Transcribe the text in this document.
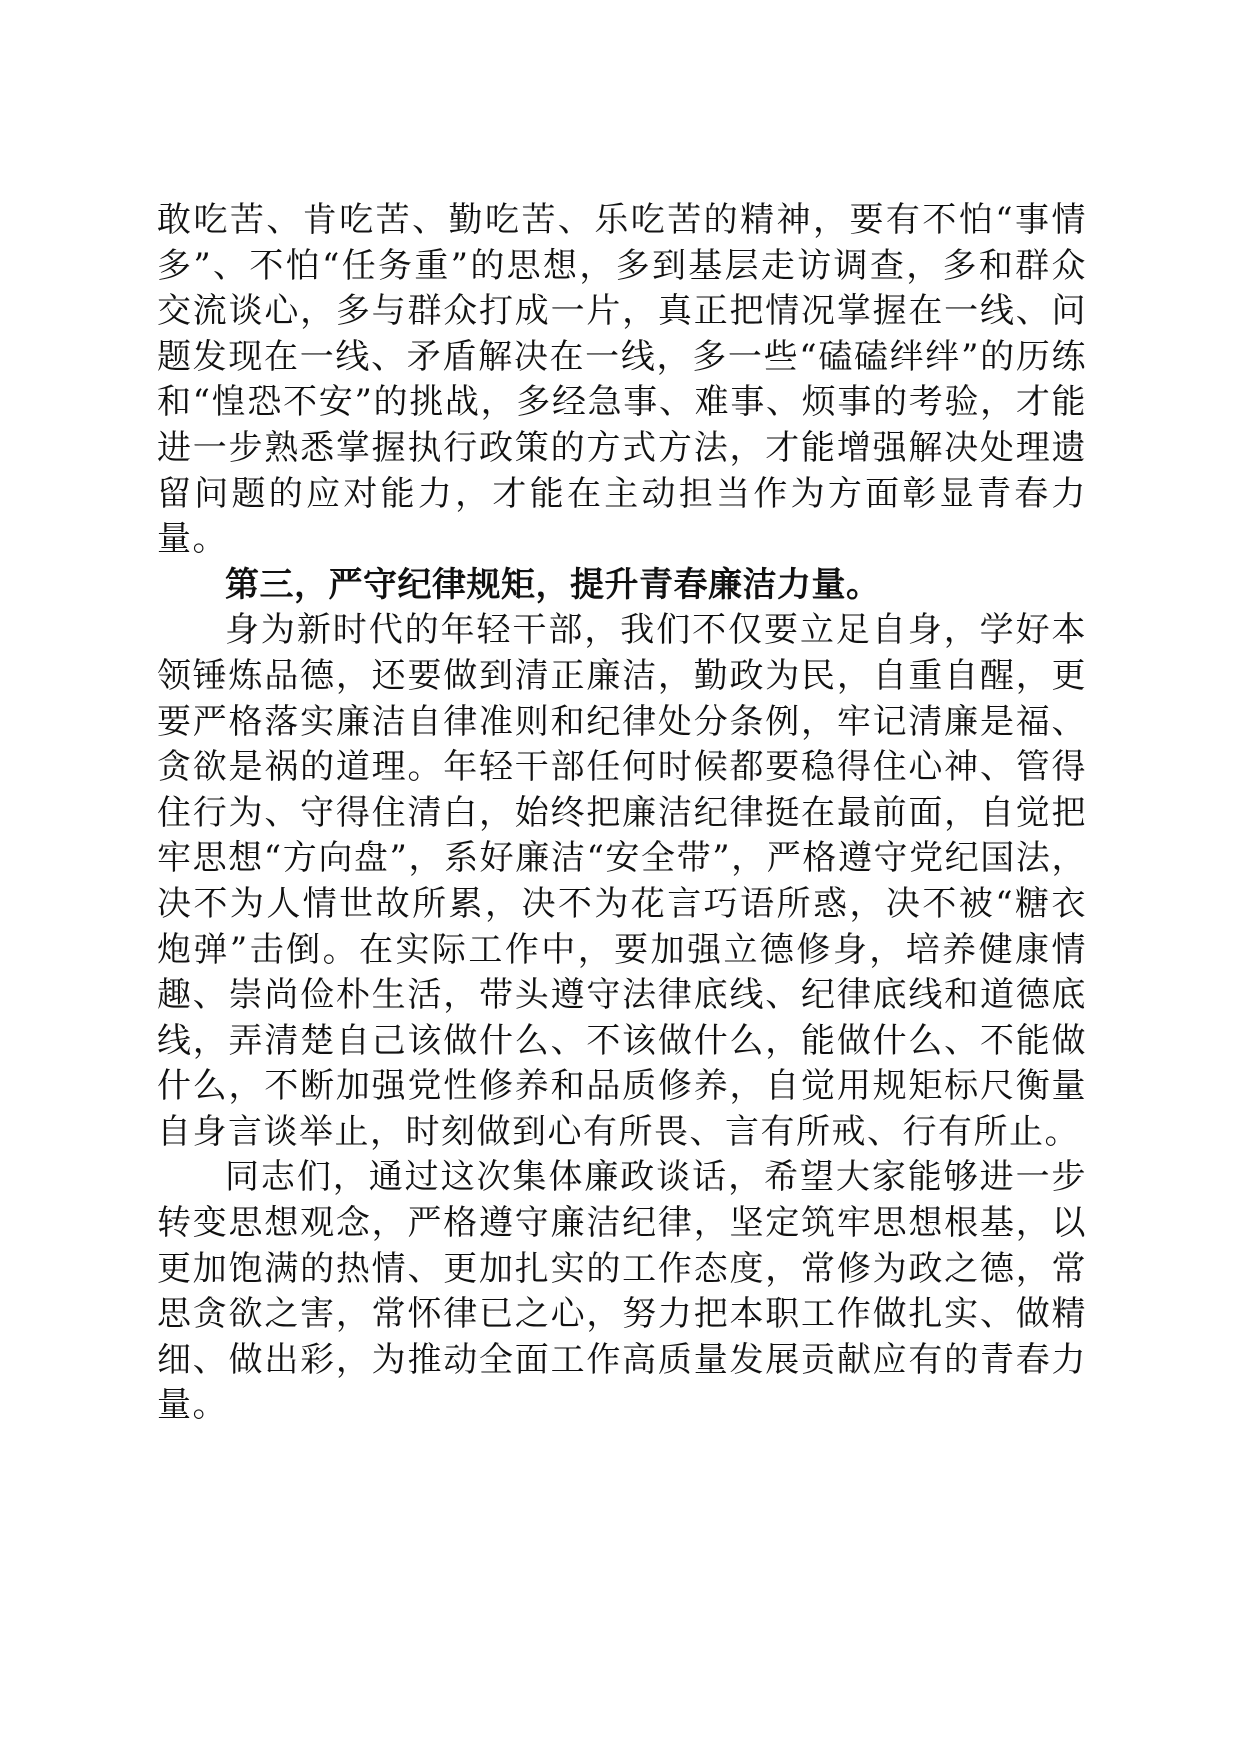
敢吃苦、肯吃苦、勤吃苦、乐吃苦的精神，要有不怕“事情多”、不怕“任务重”的思想，多到基层走访调查，多和群众交流谈心，多与群众打成一片，真正把情况掌握在一线、问题发现在一线、矛盾解决在一线，多一些“磕磕绊绊”的历练和“惶恐不安”的挑战，多经急事、难事、烦事的考验，才能进一步熟悉掌握执行政策的方式方法，才能增强解决处理遗留问题的应对能力，才能在主动担当作为方面彰显青春力量。

第三，严守纪律规矩，提升青春廉洁力量。

身为新时代的年轻干部，我们不仅要立足自身，学好本领锤炼品德，还要做到清正廉洁，勤政为民，自重自醒，更要严格落实廉洁自律准则和纪律处分条例，牢记清廉是福、贪欲是祸的道理。年轻干部任何时候都要稳得住心神、管得住行为、守得住清白，始终把廉洁纪律挺在最前面，自觉把牢思想“方向盘”，系好廉洁“安全带”，严格遵守党纪国法，决不为人情世故所累，决不为花言巧语所惑，决不被“糖衣炮弹”击倒。在实际工作中，要加强立德修身，培养健康情趣、崇尚俭朴生活，带头遵守法律底线、纪律底线和道德底线，弄清楚自己该做什么、不该做什么，能做什么、不能做什么，不断加强党性修养和品质修养，自觉用规矩标尺衡量自身言谈举止，时刻做到心有所畏、言有所戒、行有所止。

同志们，通过这次集体廉政谈话，希望大家能够进一步转变思想观念，严格遵守廉洁纪律，坚定筑牢思想根基，以更加饱满的热情、更加扎实的工作态度，常修为政之德，常思贪欲之害，常怀律已之心，努力把本职工作做扎实、做精细、做出彩，为推动全面工作高质量发展贡献应有的青春力量。
